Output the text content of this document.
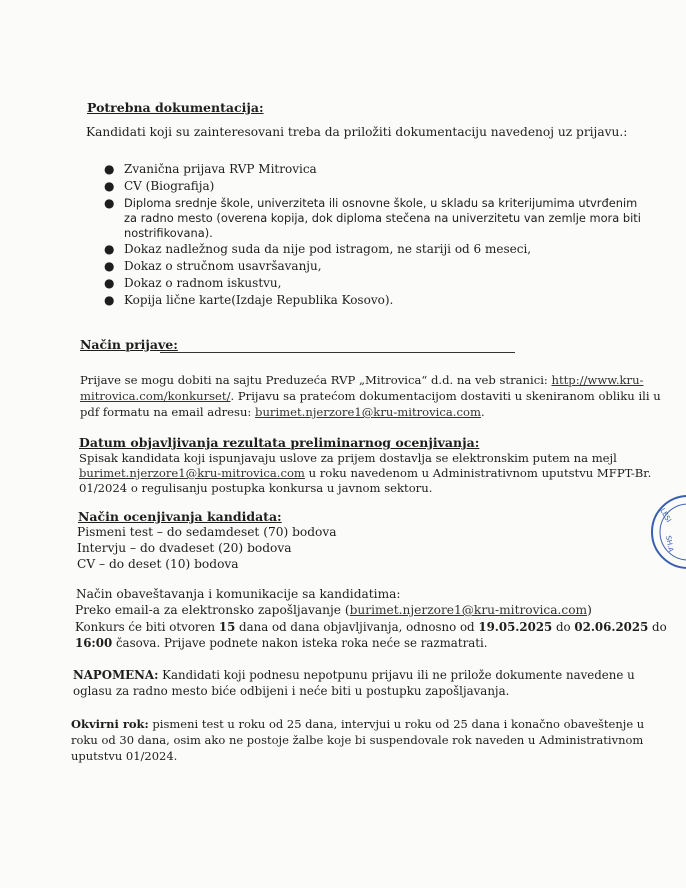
Potrebna dokumentacija:
Kandidati koji su zainteresovani treba da priložiti dokumentaciju navedenoj uz prijavu.:
● Zvanična prijava RVP Mitrovica
● CV (Biografija)
● Diploma srednje škole, univerziteta ili osnovne škole, u skladu sa kriterijumima utvrđenim
za radno mesto (overena kopija, dok diploma stečena na univerzitetu van zemlje mora biti
nostrifikovana).
● Dokaz nadležnog suda da nije pod istragom, ne stariji od 6 meseci,
● Dokaz o stručnom usavršavanju,
● Dokaz o radnom iskustvu,
● Kopija lične karte(Izdaje Republika Kosovo).
Način prijave:
Prijave se mogu dobiti na sajtu Preduzeća RVP „Mitrovica“ d.d. na veb stranici: http://www.kru-
mitrovica.com/konkurset/. Prijavu sa pratećom dokumentacijom dostaviti u skeniranom obliku ili u
pdf formatu na email adresu: burimet.njerzore1@kru-mitrovica.com.
Datum objavljivanja rezultata preliminarnog ocenjivanja:
Spisak kandidata koji ispunjavaju uslove za prijem dostavlja se elektronskim putem na mejl
burimet.njerzore1@kru-mitrovica.com u roku navedenom u Administrativnom uputstvu MFPT-Br.
01/2024 o regulisanju postupka konkursa u javnom sektoru.
Način ocenjivanja kandidata:
Pismeni test – do sedamdeset (70) bodova
Intervju – do dvadeset (20) bodova
CV – do deset (10) bodova
Način obaveštavanja i komunikacije sa kandidatima:
Preko email-a za elektronsko zapošljavanje (burimet.njerzore1@kru-mitrovica.com)
Konkurs će biti otvoren 15 dana od dana objavljivanja, odnosno od 19.05.2025 do 02.06.2025 do
16:00 časova. Prijave podnete nakon isteka roka neće se razmatrati.
NAPOMENA: Kandidati koji podnesu nepotpunu prijavu ili ne prilože dokumente navedene u
oglasu za radno mesto biće odbijeni i neće biti u postupku zapošljavanja.
Okvirni rok: pismeni test u roku od 25 dana, intervjui u roku od 25 dana i konačno obaveštenje u
roku od 30 dana, osim ako ne postoje žalbe koje bi suspendovale rok naveden u Administrativnom
uputstvu 01/2024.
LESI
SH.A
